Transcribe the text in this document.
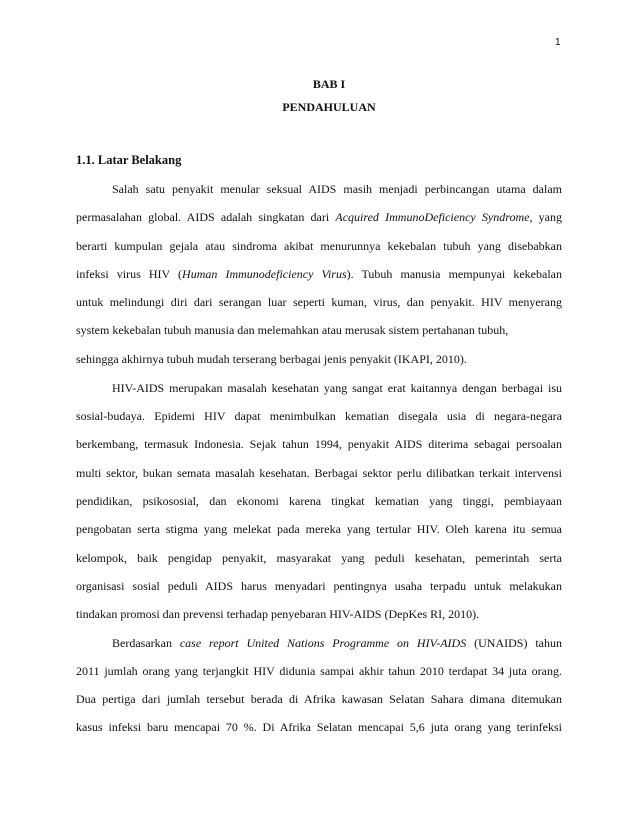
1
BAB I
PENDAHULUAN
1.1. Latar Belakang
Salah satu penyakit menular seksual AIDS masih menjadi perbincangan utama dalam
permasalahan global. AIDS adalah singkatan dari Acquired ImmunoDeficiency Syndrome, yang
berarti kumpulan gejala atau sindroma akibat menurunnya kekebalan tubuh yang disebabkan
infeksi virus HIV (Human Immunodeficiency Virus). Tubuh manusia mempunyai kekebalan
untuk melindungi diri dari serangan luar seperti kuman, virus, dan penyakit. HIV menyerang
system kekebalan tubuh manusia dan melemahkan atau merusak sistem pertahanan tubuh,
sehingga akhirnya tubuh mudah terserang berbagai jenis penyakit (IKAPI, 2010).
HIV-AIDS merupakan masalah kesehatan yang sangat erat kaitannya dengan berbagai isu
sosial-budaya. Epidemi HIV dapat menimbulkan kematian disegala usia di negara-negara
berkembang, termasuk Indonesia. Sejak tahun 1994, penyakit AIDS diterima sebagai persoalan
multi sektor, bukan semata masalah kesehatan. Berbagai sektor perlu dilibatkan terkait intervensi
pendidikan, psikososial, dan ekonomi karena tingkat kematian yang tinggi, pembiayaan
pengobatan serta stigma yang melekat pada mereka yang tertular HIV. Oleh karena itu semua
kelompok, baik pengidap penyakit, masyarakat yang peduli kesehatan, pemerintah serta
organisasi sosial peduli AIDS harus menyadari pentingnya usaha terpadu untuk melakukan
tindakan promosi dan prevensi terhadap penyebaran HIV-AIDS (DepKes RI, 2010).
Berdasarkan case report United Nations Programme on HIV-AIDS (UNAIDS) tahun
2011 jumlah orang yang terjangkit HIV didunia sampai akhir tahun 2010 terdapat 34 juta orang.
Dua pertiga dari jumlah tersebut berada di Afrika kawasan Selatan Sahara dimana ditemukan
kasus infeksi baru mencapai 70 %. Di Afrika Selatan mencapai 5,6 juta orang yang terinfeksi
